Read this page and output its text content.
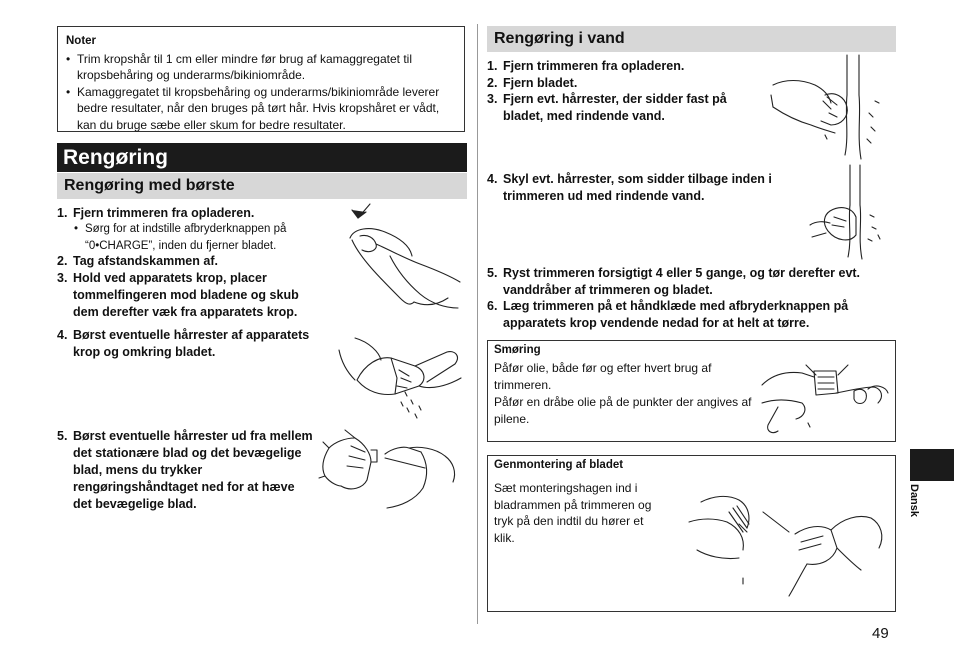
Noter
• Trim kropshår til 1 cm eller mindre før brug af kamaggregatet til kropsbehåring og underarms/bikiniområde.
• Kamaggregatet til kropsbehåring og underarms/bikiniområde leverer bedre resultater, når den bruges på tørt hår. Hvis kropshåret er vådt, kan du bruge sæbe eller skum for bedre resultater.
Rengøring
Rengøring med børste
1. Fjern trimmeren fra opladeren.
• Sørg for at indstille afbryderknappen på “0•CHARGE”, inden du fjerner bladet.
2. Tag afstandskammen af.
3. Hold ved apparatets krop, placer tommelfingeren mod bladene og skub dem derefter væk fra apparatets krop.
4. Børst eventuelle hårrester af apparatets krop og omkring bladet.
5. Børst eventuelle hårrester ud fra mellem det stationære blad og det bevægelige blad, mens du trykker rengøringshåndtaget ned for at hæve det bevægelige blad.
Rengøring i vand
1. Fjern trimmeren fra opladeren.
2. Fjern bladet.
3. Fjern evt. hårrester, der sidder fast på bladet, med rindende vand.
4. Skyl evt. hårrester, som sidder tilbage inden i trimmeren ud med rindende vand.
5. Ryst trimmeren forsigtigt 4 eller 5 gange, og tør derefter evt. vanddråber af trimmeren og bladet.
6. Læg trimmeren på et håndklæde med afbryderknappen på apparatets krop vendende nedad for at helt at tørre.
Smøring
Påfør olie, både før og efter hvert brug af trimmeren.
Påfør en dråbe olie på de punkter der angives af pilene.
Genmontering af bladet
Sæt monteringshagen ind i bladrammen på trimmeren og tryk på den indtil du hører et klik.
Dansk
49
